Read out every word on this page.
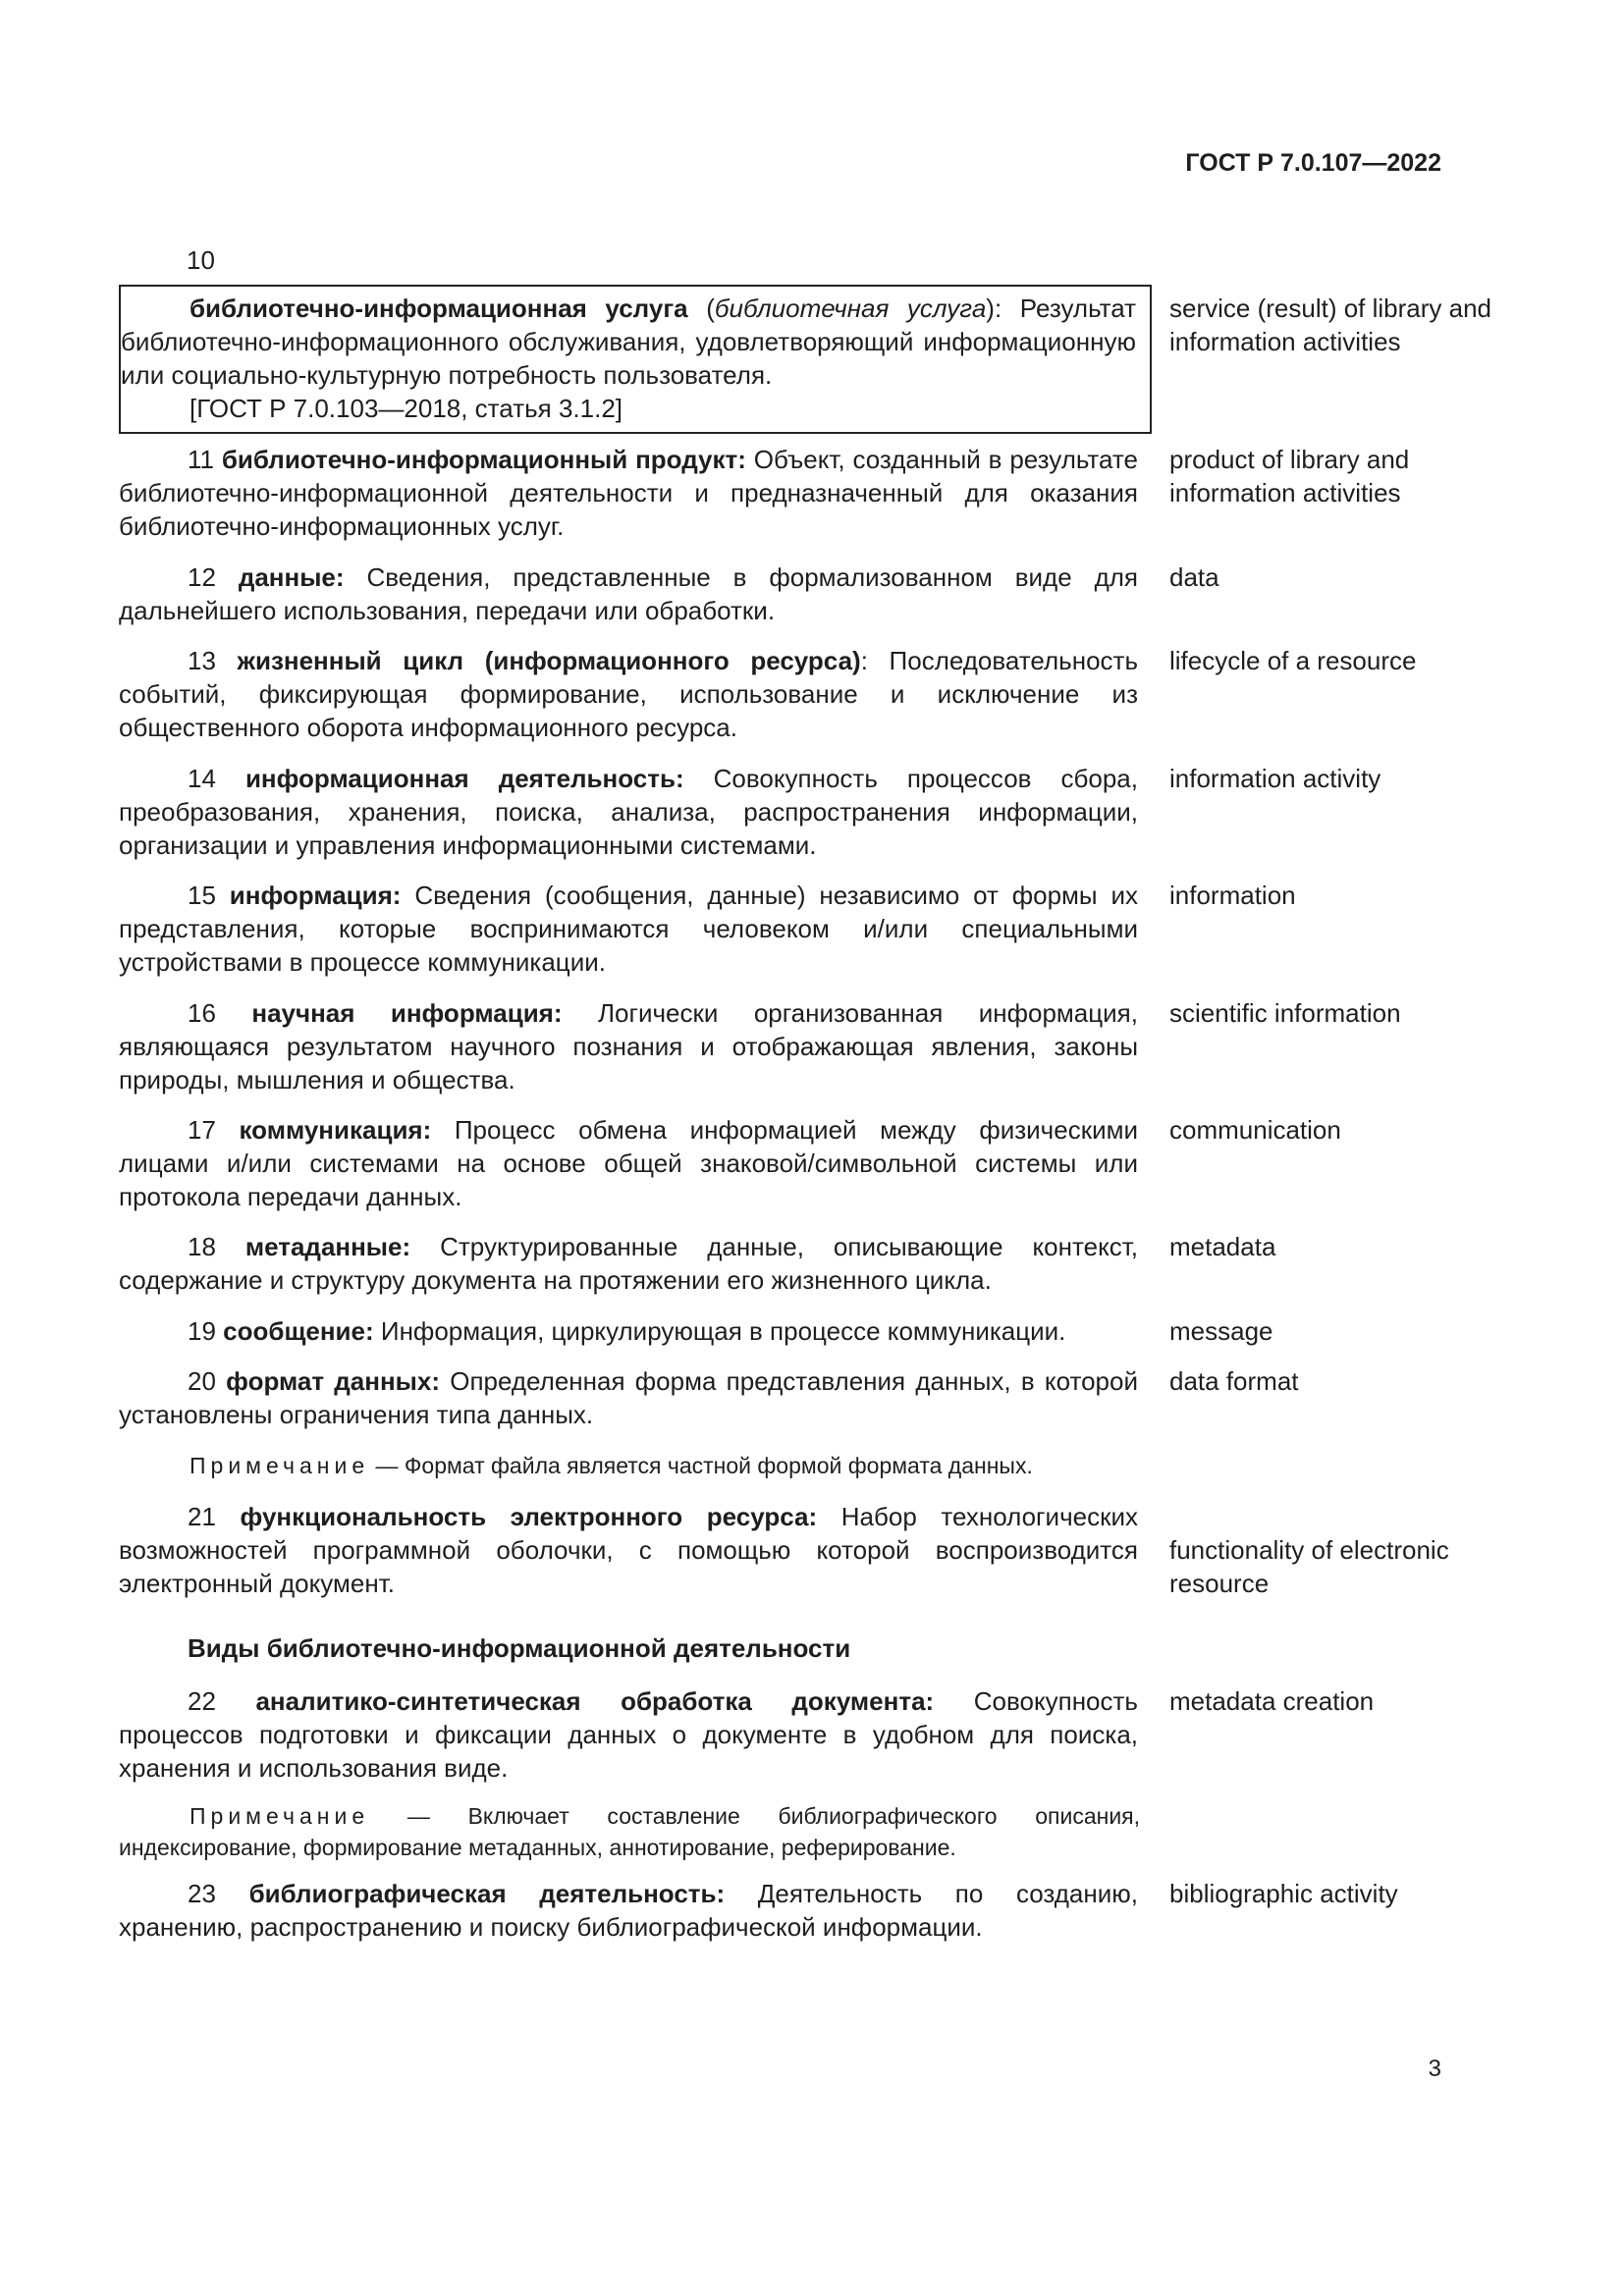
ГОСТ Р 7.0.107—2022
10
библиотечно-информационная услуга (библиотечная услуга): Результат библиотечно-информационного обслуживания, удовлетворяющий информационную или социально-культурную потребность пользователя.
[ГОСТ Р 7.0.103—2018, статья 3.1.2]
service (result) of library and information activities
11 библиотечно-информационный продукт: Объект, созданный в результате библиотечно-информационной деятельности и предназначенный для оказания библиотечно-информационных услуг.
product of library and information activities
12 данные: Сведения, представленные в формализованном виде для дальнейшего использования, передачи или обработки.
data
13 жизненный цикл (информационного ресурса): Последовательность событий, фиксирующая формирование, использование и исключение из общественного оборота информационного ресурса.
lifecycle of a resource
14 информационная деятельность: Совокупность процессов сбора, преобразования, хранения, поиска, анализа, распространения информации, организации и управления информационными системами.
information activity
15 информация: Сведения (сообщения, данные) независимо от формы их представления, которые воспринимаются человеком и/или специальными устройствами в процессе коммуникации.
information
16 научная информация: Логически организованная информация, являющаяся результатом научного познания и отображающая явления, законы природы, мышления и общества.
scientific information
17 коммуникация: Процесс обмена информацией между физическими лицами и/или системами на основе общей знаковой/символьной системы или протокола передачи данных.
communication
18 метаданные: Структурированные данные, описывающие контекст, содержание и структуру документа на протяжении его жизненного цикла.
metadata
19 сообщение: Информация, циркулирующая в процессе коммуникации.	message
20 формат данных: Определенная форма представления данных, в которой установлены ограничения типа данных.
data format
Примечание — Формат файла является частной формой формата данных.
21 функциональность электронного ресурса: Набор технологических возможностей программной оболочки, с помощью которой воспроизводится электронный документ.
functionality of electronic resource
Виды библиотечно-информационной деятельности
22 аналитико-синтетическая обработка документа: Совокупность процессов подготовки и фиксации данных о документе в удобном для поиска, хранения и использования виде.
metadata creation
Примечание — Включает составление библиографического описания, индексирование, формирование метаданных, аннотирование, реферирование.
23 библиографическая деятельность: Деятельность по созданию, хранению, распространению и поиску библиографической информации.
bibliographic activity
3
